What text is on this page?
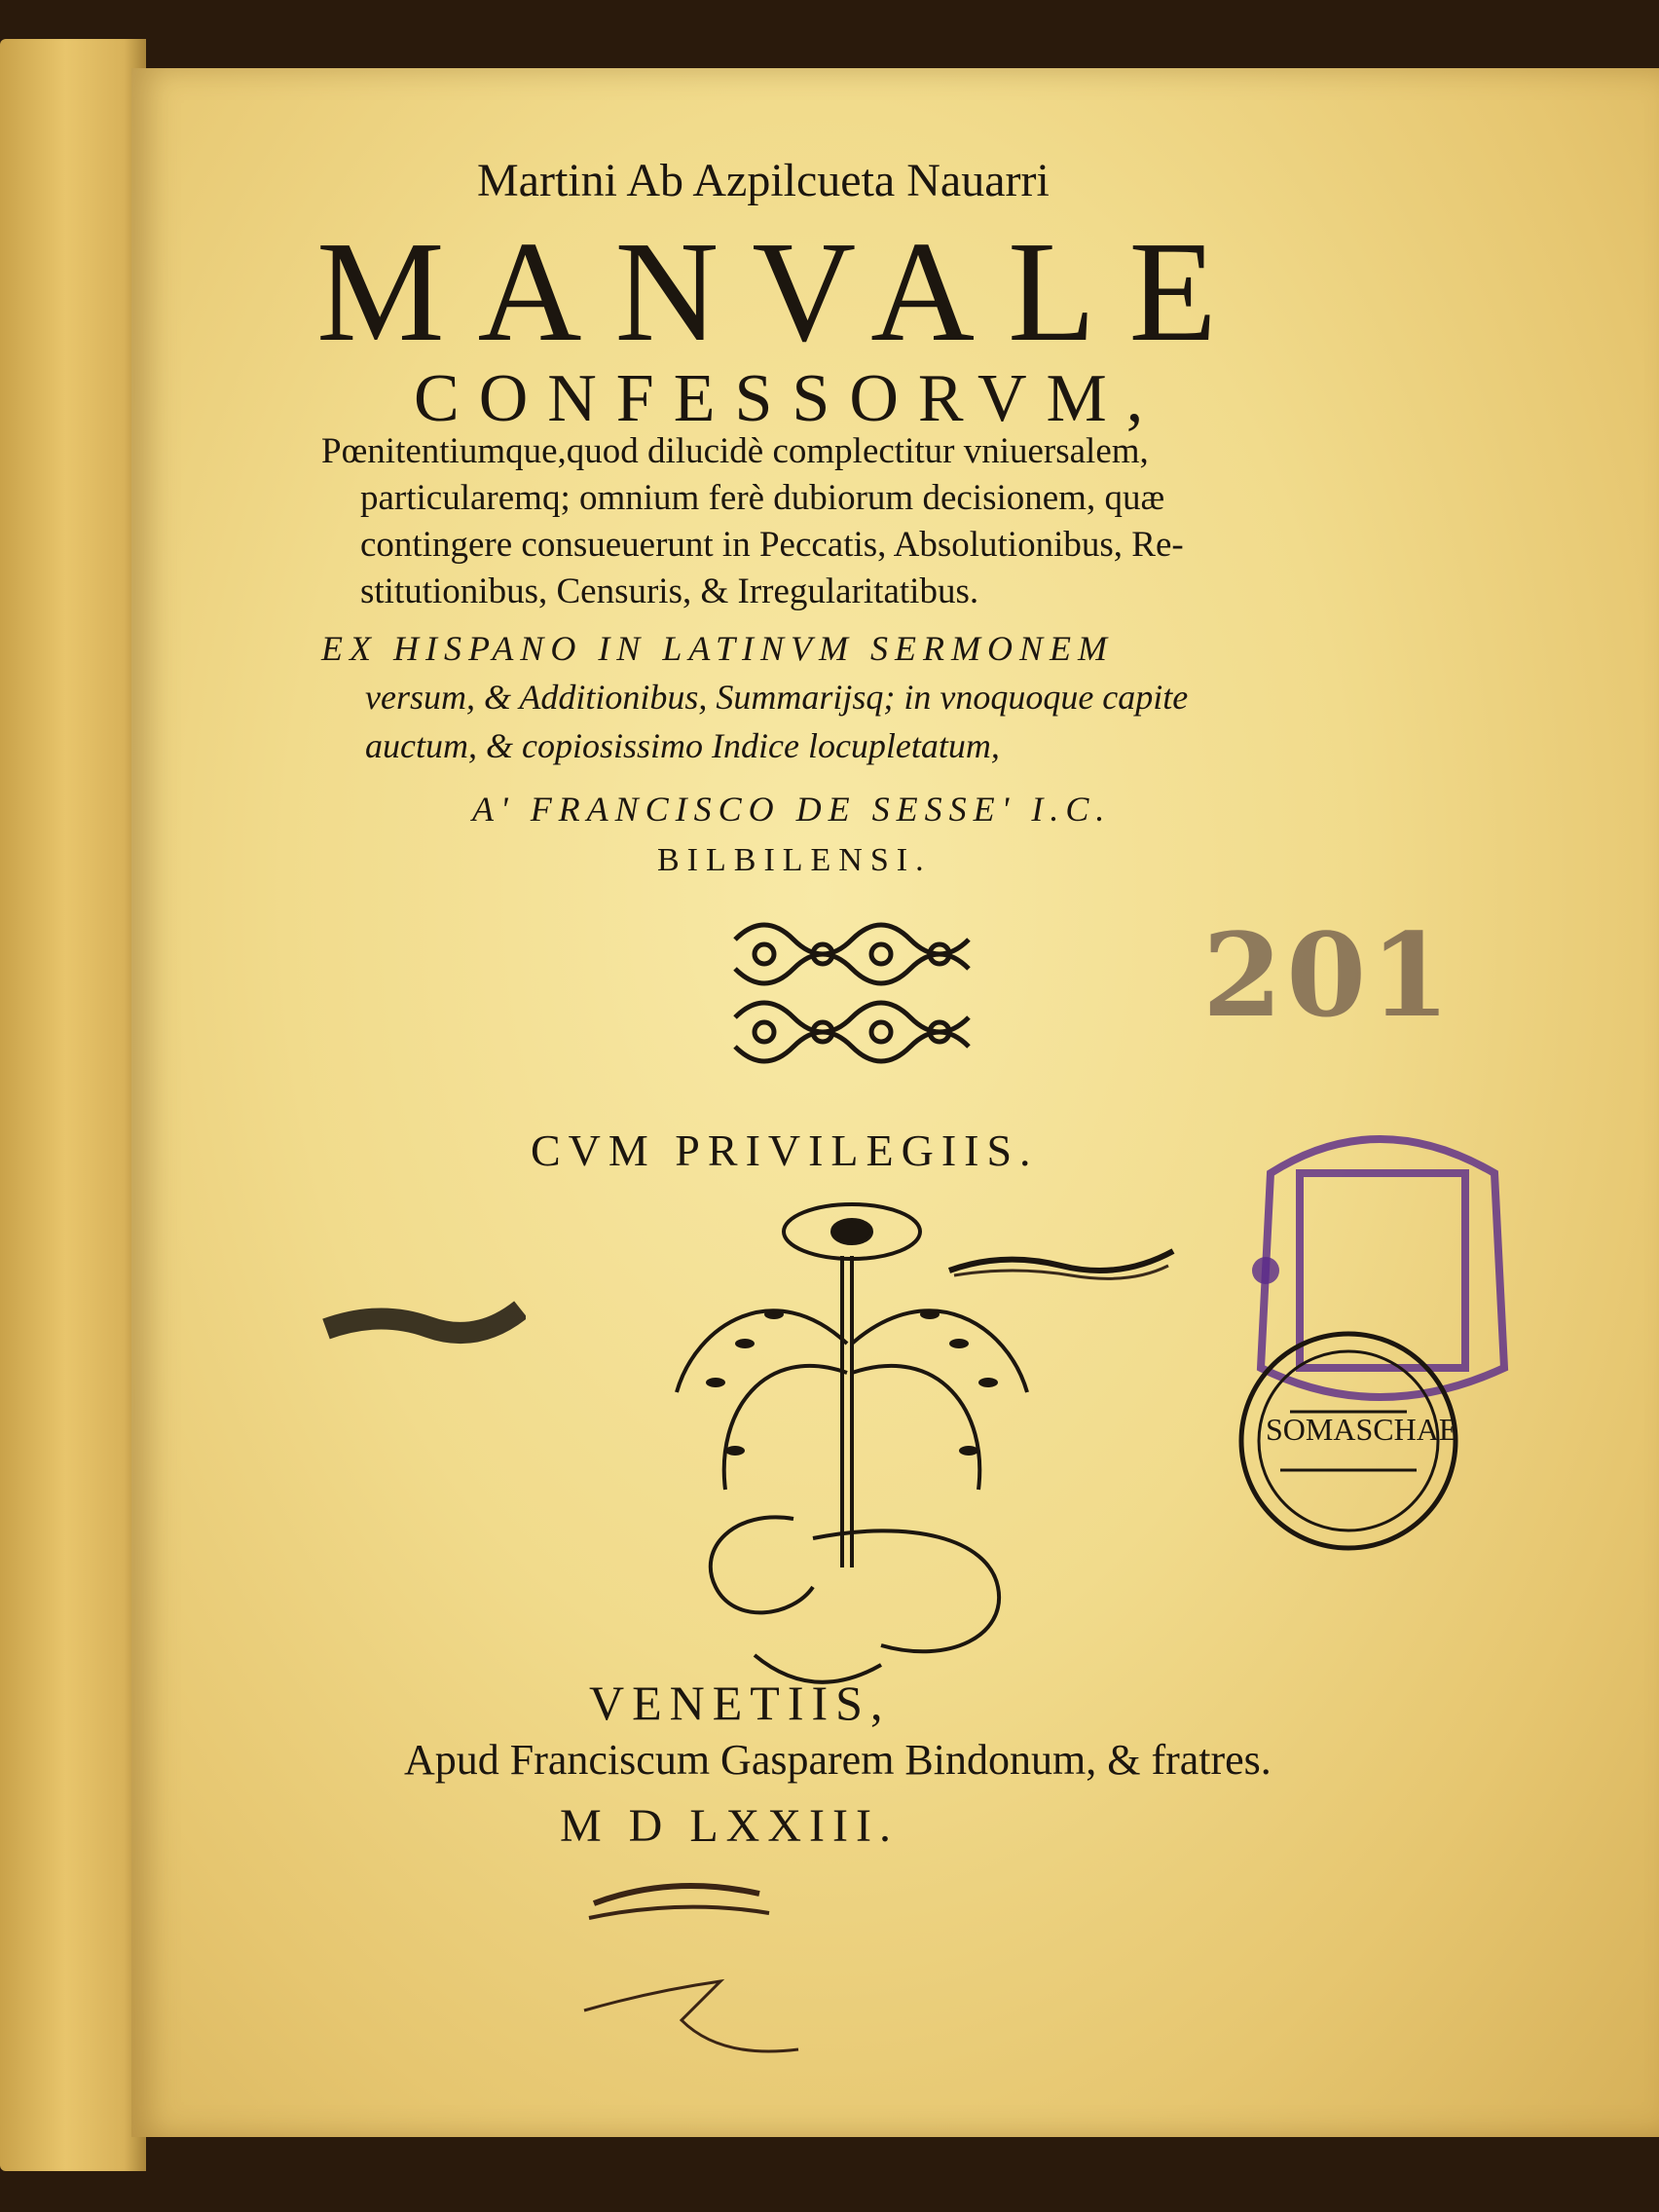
Martini Ab Azpilcueta Nauarri
MANVALE
CONFESSORVM,
Pœnitentiumque,quod dilucidè complectitur vniuersalem,
particularemq; omnium ferè dubiorum decisionem, quæ
contingere consueuerunt in Peccatis, Absolutionibus, Re-
stitutionibus, Censuris, & Irregularitatibus.
EX HISPANO IN LATINVM SERMONEM
versum, & Additionibus, Summarijsq; in vnoquoque capite
auctum, & copiosissimo Indice locupletatum,
A' FRANCISCO DE SESSE' I.C.
BILBILENSI.
201
CVM PRIVILEGIIS.
SOMASCHAE
VENETIIS,
Apud Franciscum Gasparem Bindonum, & fratres.
M D LXXIII.
